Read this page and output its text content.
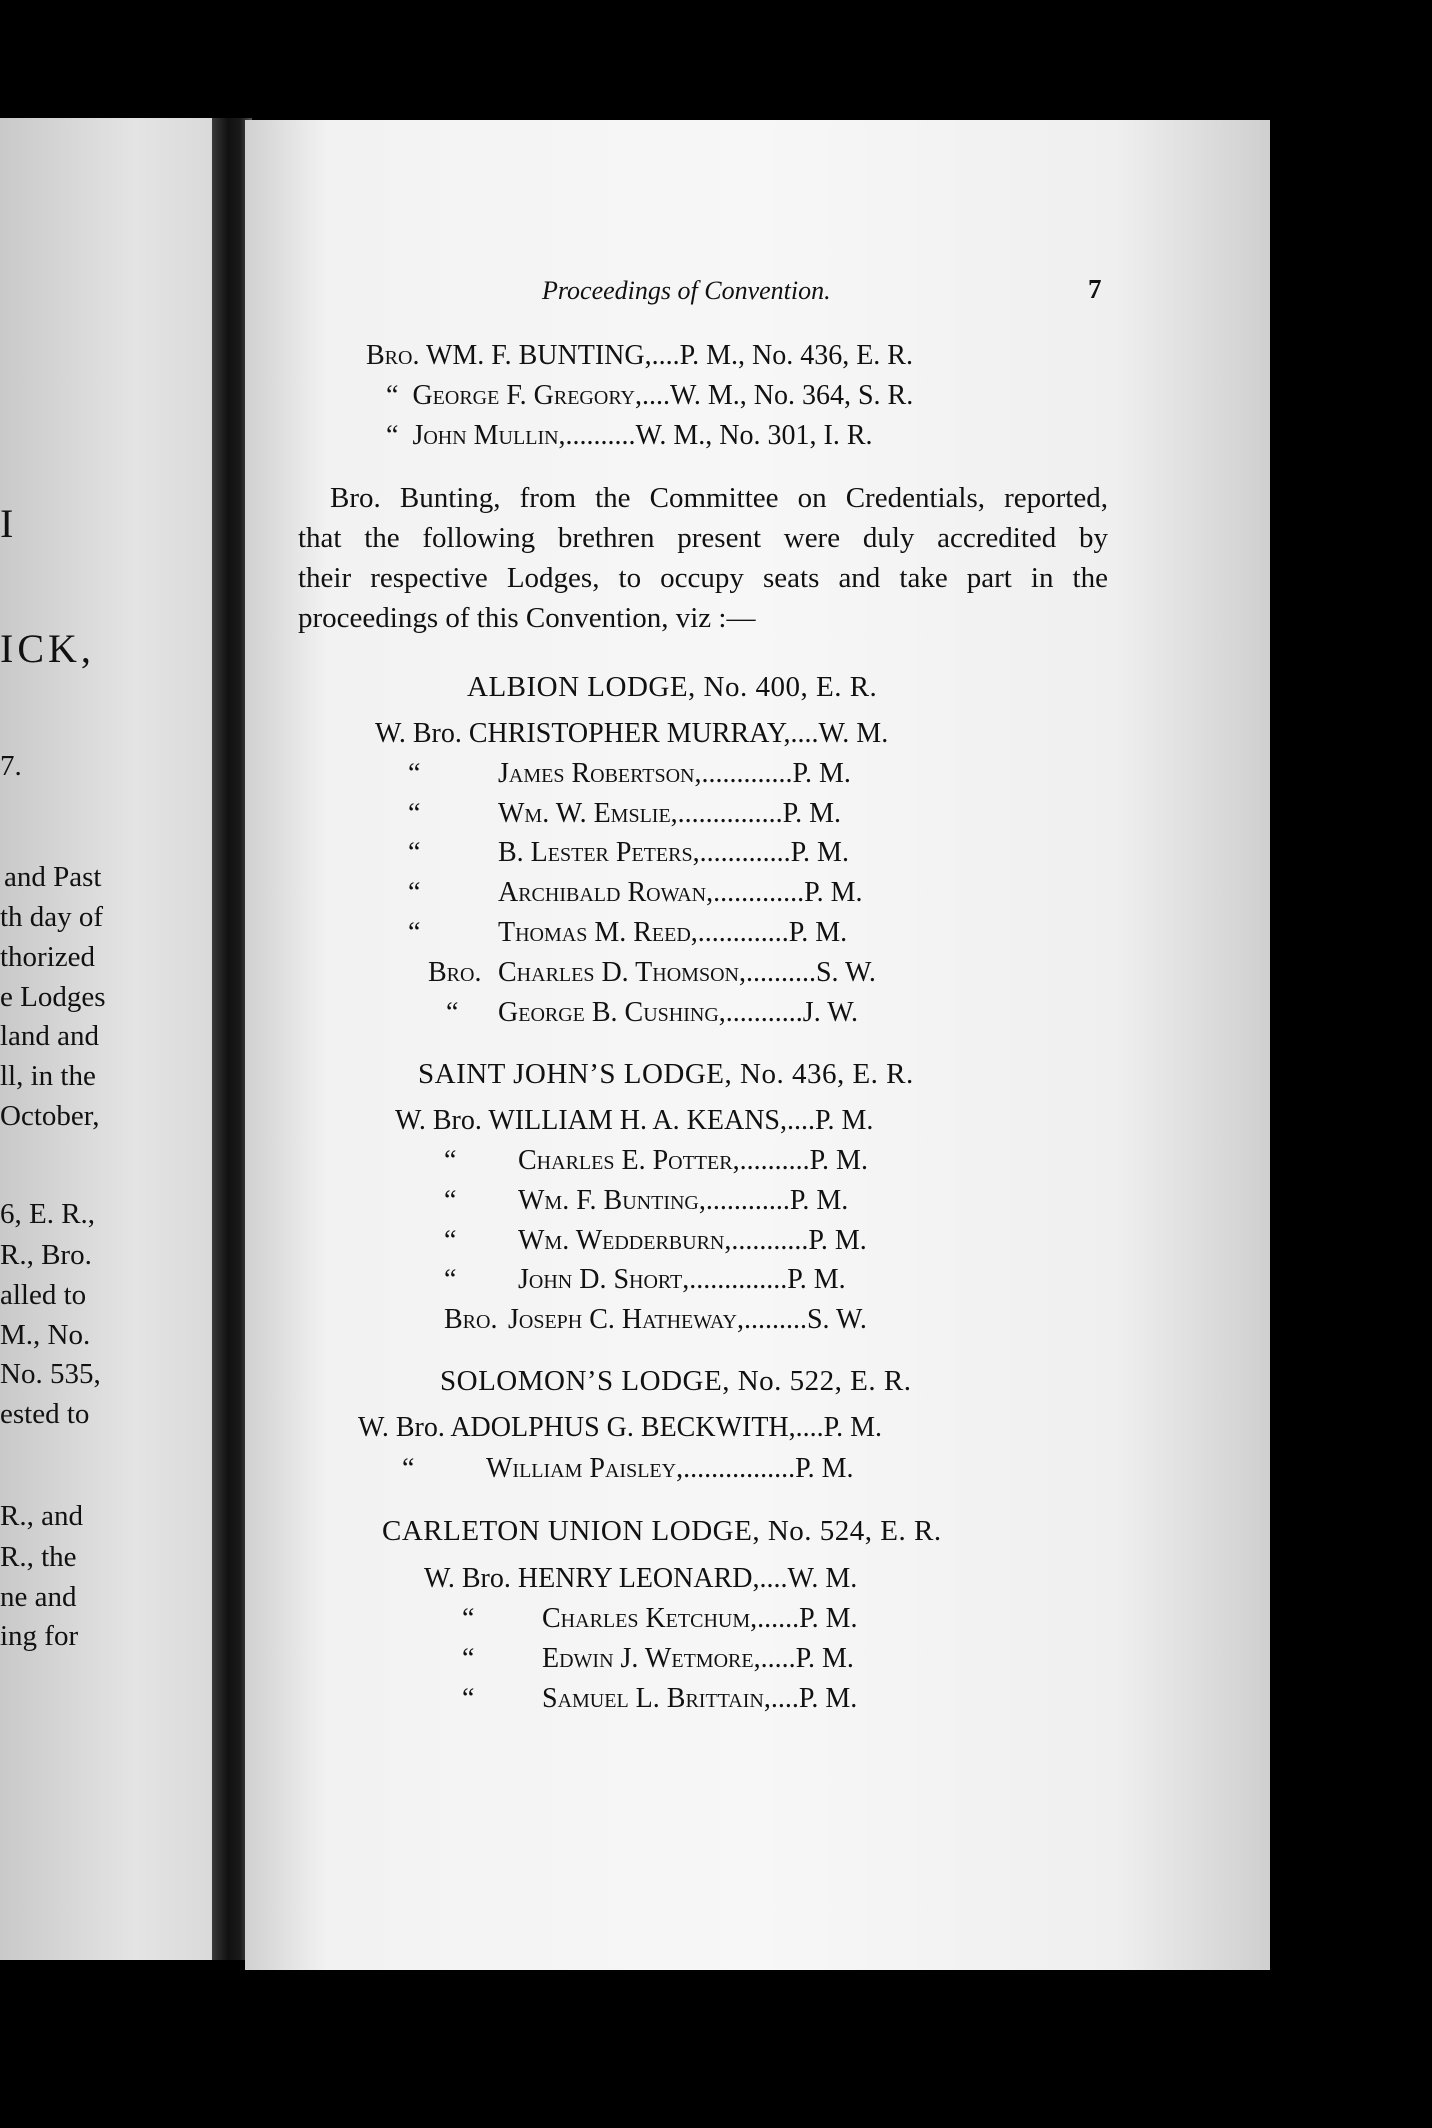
I
ICK,
7.
and Past
th day of
thorized
e Lodges
land and
ll, in the
October,
6, E. R.,
R., Bro.
alled to
M., No.
No. 535,
ested to
R., and
R., the
ne and
ing for
Proceedings of Convention.	7
Bro. WM. F. BUNTING,....P. M., No. 436, E. R.
“ George F. Gregory,....W. M., No. 364, S. R.
“ John Mullin,..........W. M., No. 301, I. R.
Bro. Bunting, from the Committee on Credentials, reported,
that the following brethren present were duly accredited by
their respective Lodges, to occupy seats and take part in the
proceedings of this Convention, viz :—
ALBION LODGE, No. 400, E. R.
W. Bro. CHRISTOPHER MURRAY,....W. M.
“	James Robertson,.............P. M.
“	Wm. W. Emslie,...............P. M.
“	B. Lester Peters,.............P. M.
“	Archibald Rowan,.............P. M.
“	Thomas M. Reed,.............P. M.
Bro. Charles D. Thomson,..........S. W.
“ George B. Cushing,...........J. W.
SAINT JOHN’S LODGE, No. 436, E. R.
W. Bro. WILLIAM H. A. KEANS,....P. M.
“ Charles E. Potter,..........P. M.
“ Wm. F. Bunting,............P. M.
“ Wm. Wedderburn,...........P. M.
“ John D. Short,..............P. M.
Bro. Joseph C. Hatheway,.........S. W.
SOLOMON’S LODGE, No. 522, E. R.
W. Bro. ADOLPHUS G. BECKWITH,....P. M.
“	William Paisley,................P. M.
CARLETON UNION LODGE, No. 524, E. R.
W. Bro. HENRY LEONARD,....W. M.
“ Charles Ketchum,......P. M.
“ Edwin J. Wetmore,.....P. M.
“ Samuel L. Brittain,....P. M.
